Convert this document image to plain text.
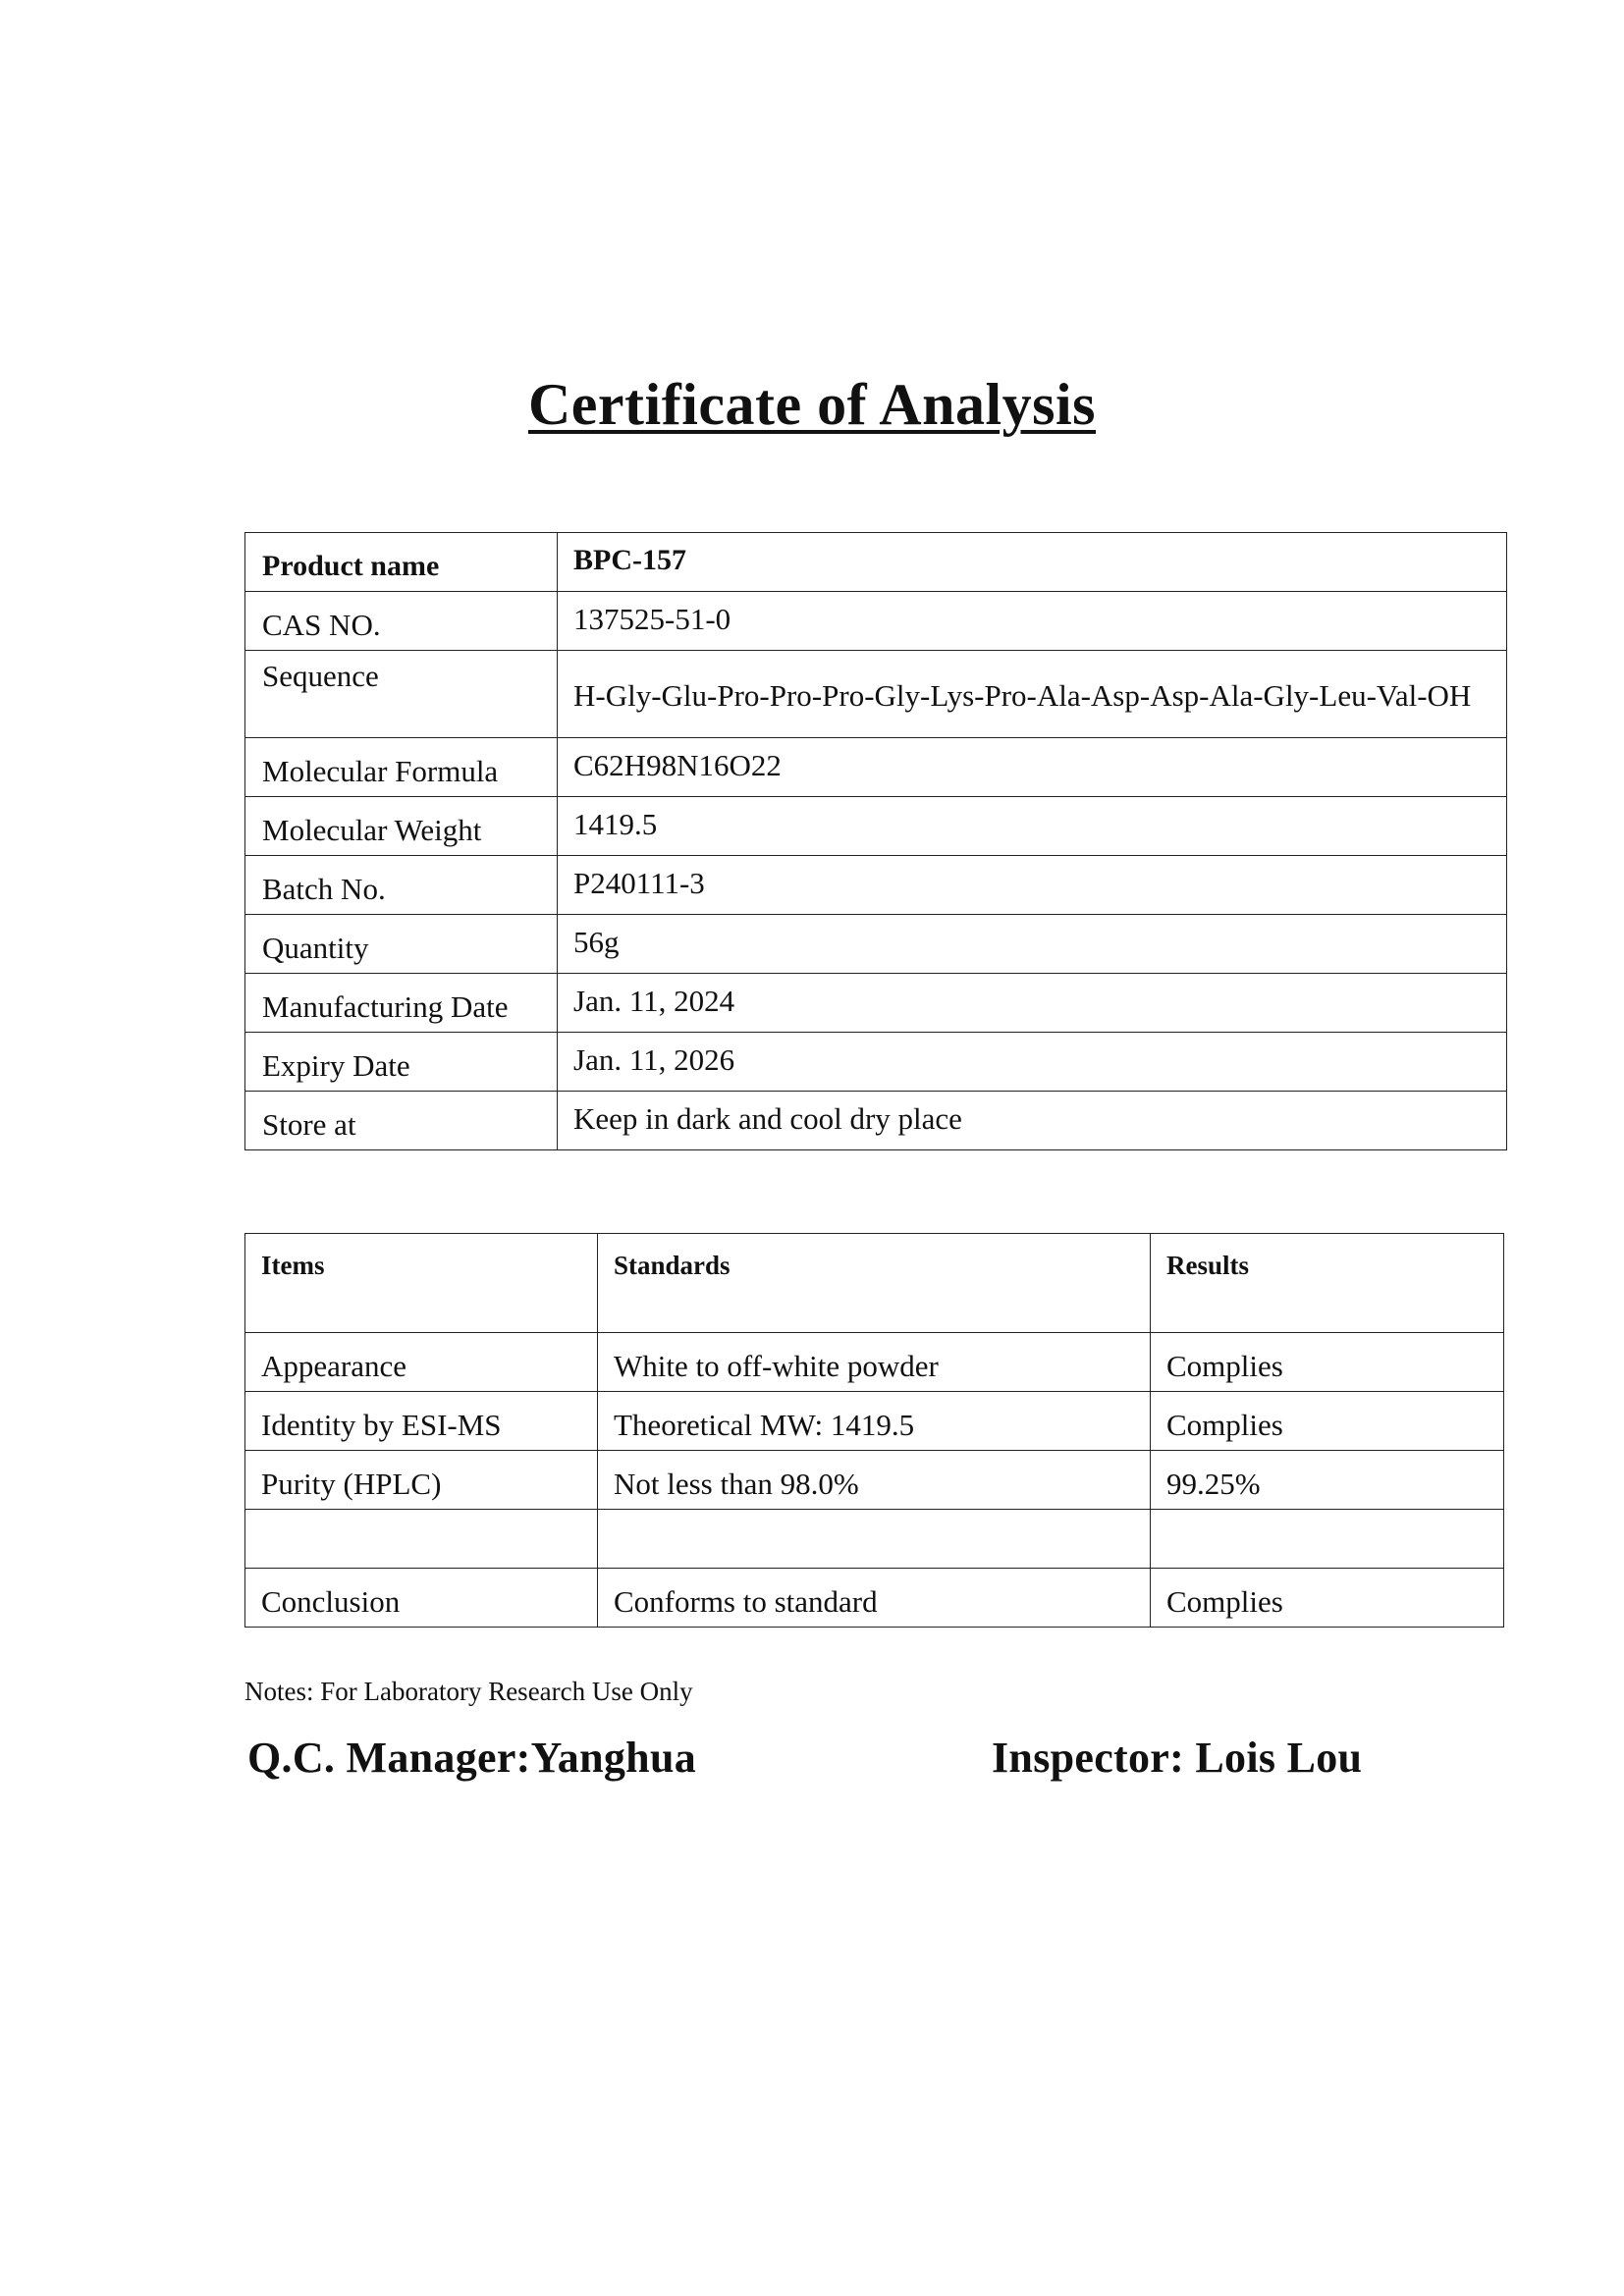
Certificate of Analysis
Product name	BPC-157

CAS NO.	137525-51-0

Sequence	H-Gly-Glu-Pro-Pro-Pro-Gly-Lys-Pro-Ala-Asp-Asp-Ala-Gly-Leu-Val-OH

Molecular Formula	C62H98N16O22

Molecular Weight	1419.5

Batch No.	P240111-3

Quantity	56g

Manufacturing Date	Jan. 11, 2024

Expiry Date	Jan. 11, 2026

Store at	Keep in dark and cool dry place
Items	Standards	Results

Appearance	White to off-white powder	Complies

Identity by ESI-MS	Theoretical MW: 1419.5	Complies

Purity (HPLC)	Not less than 98.0%	99.25%

Conclusion	Conforms to standard	Complies
Notes: For Laboratory Research Use Only
Q.C. Manager:Yanghua	Inspector: Lois Lou
